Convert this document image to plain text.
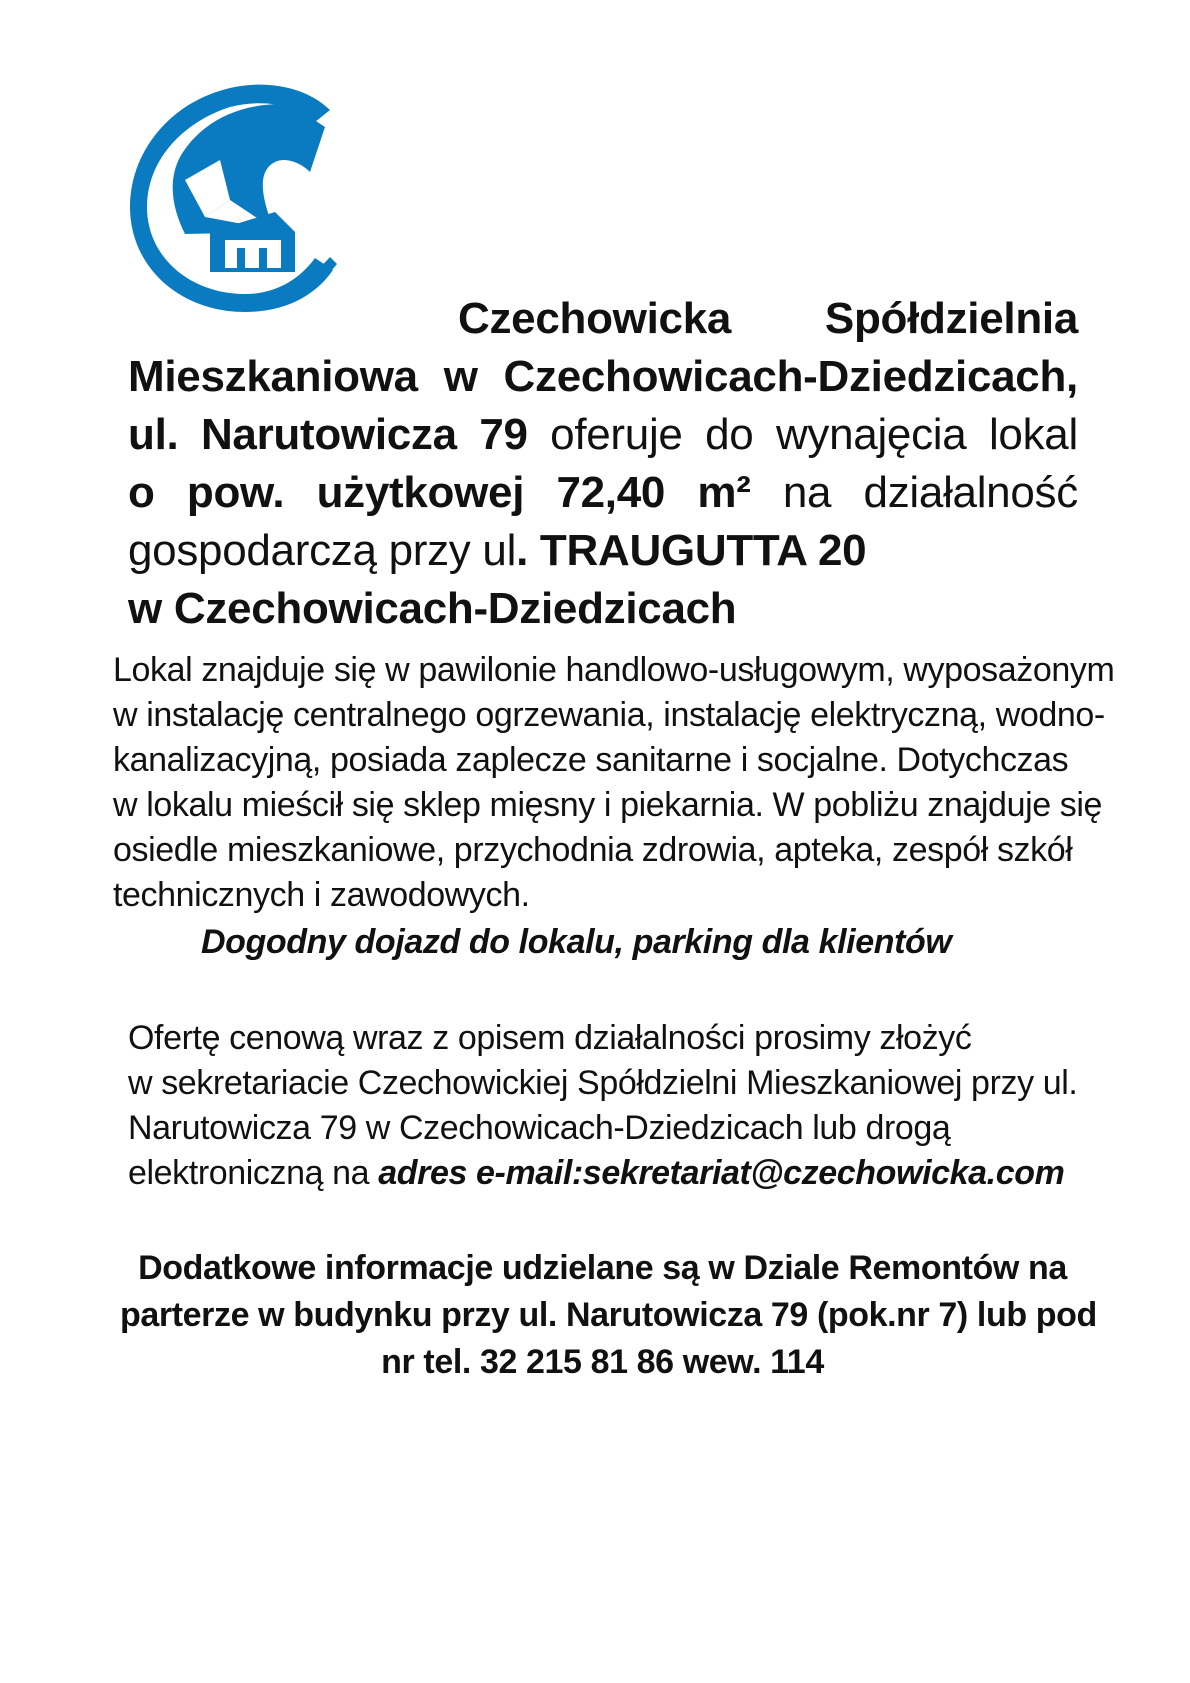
Czechowicka Spółdzielnia
Mieszkaniowa w Czechowicach-Dziedzicach,
ul. Narutowicza 79 oferuje do wynajęcia lokal
o pow. użytkowej 72,40 m² na działalność
gospodarczą przy ul . TRAUGUTTA 20
w Czechowicach-Dziedzicach
Lokal znajduje się w pawilonie handlowo-usługowym, wyposażonym
w instalację centralnego ogrzewania, instalację elektryczną, wodno-
kanalizacyjną, posiada zaplecze sanitarne i socjalne. Dotychczas
w lokalu mieścił się sklep mięsny i piekarnia. W pobliżu znajduje się
osiedle mieszkaniowe, przychodnia zdrowia, apteka, zespół szkół
technicznych i zawodowych.
Dogodny dojazd do lokalu, parking dla klientów
Ofertę cenową wraz z opisem działalności prosimy złożyć
w sekretariacie Czechowickiej Spółdzielni Mieszkaniowej przy ul.
Narutowicza 79 w Czechowicach-Dziedzicach lub drogą
elektroniczną na adres e-mail:sekretariat@czechowicka.com
Dodatkowe informacje udzielane są w Dziale Remontów na
parterze w budynku przy ul. Narutowicza 79 (pok.nr 7) lub pod
nr tel. 32 215 81 86 wew. 114
